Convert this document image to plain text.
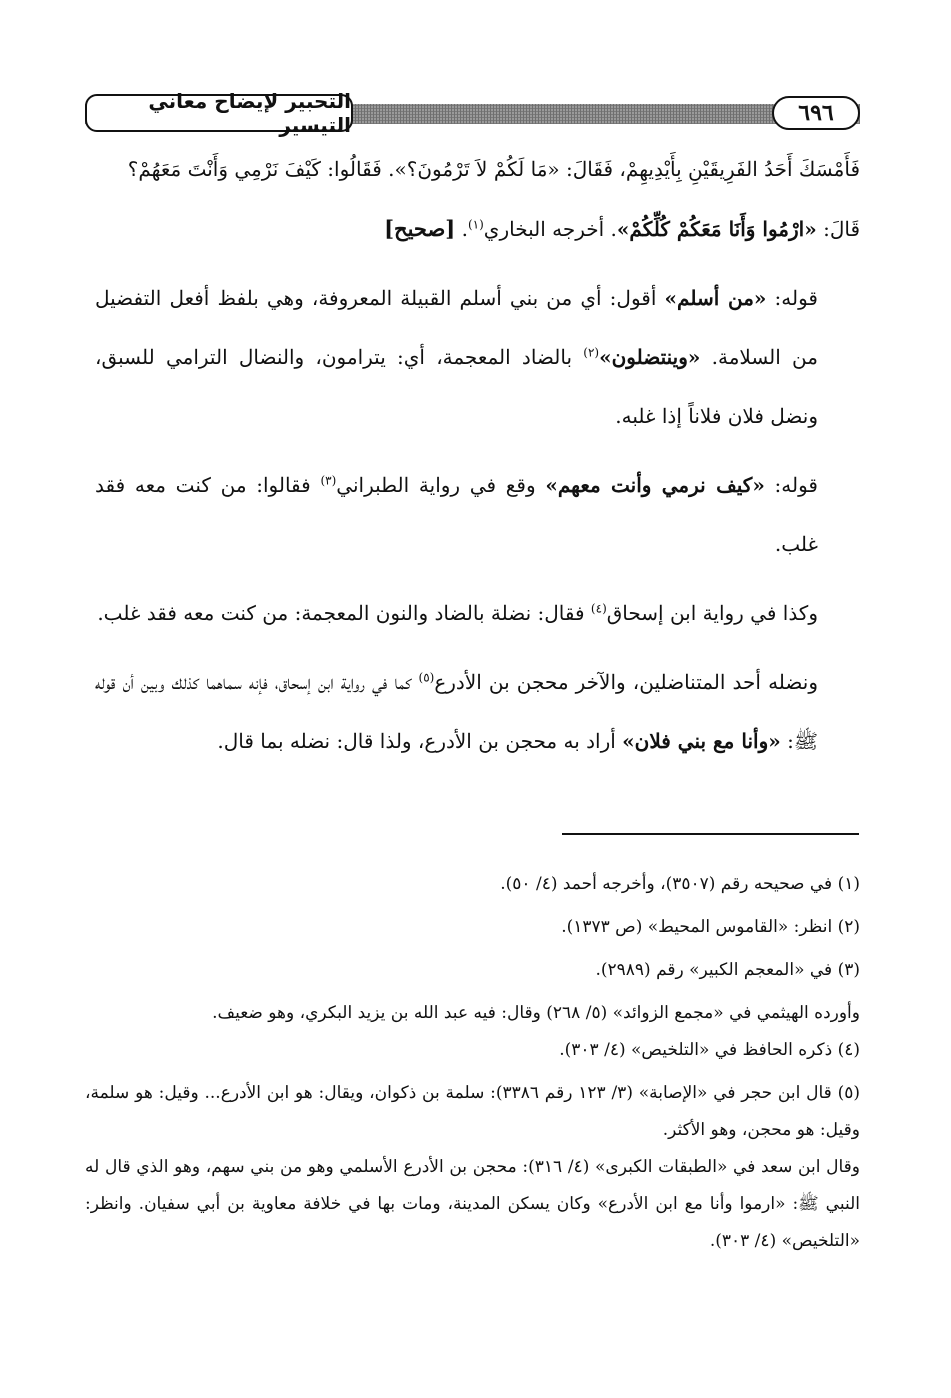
٦٩٦
التحبير لإيضاح معاني التيسير

فَأَمْسَكَ أَحَدُ الفَرِيقَيْنِ بِأَيْدِيهِمْ، فَقَالَ: «مَا لَكُمْ لاَ تَرْمُونَ؟». فَقَالُوا: كَيْفَ نَرْمِي وَأَنْتَ مَعَهُمْ؟

قَالَ: «ارْمُوا وَأَنَا مَعَكُمْ كُلِّكُمْ». أخرجه البخاري$^{(١)}$. [صحيح]

قوله: «من أسلم» أقول: أي من بني أسلم القبيلة المعروفة، وهي بلفظ أفعل التفضيل من السلامة. «وينتضلون»$^{(٢)}$ بالضاد المعجمة، أي: يترامون، والنضال الترامي للسبق، ونضل فلان فلاناً إذا غلبه.

قوله: «كيف نرمي وأنت معهم» وقع في رواية الطبراني$^{(٣)}$ فقالوا: من كنت معه فقد غلب.

وكذا في رواية ابن إسحاق$^{(٤)}$ فقال: نضلة بالضاد والنون المعجمة: من كنت معه فقد غلب.

ونضله أحد المتناضلين، والآخر محجن بن الأدرع$^{(٥)}$ كما في رواية ابن إسحاق، فإنه سماهما كذلك وبين أن قوله ﷺ: «وأنا مع بني فلان» أراد به محجن بن الأدرع، ولذا قال: نضله بما قال.

(١) في صحيحه رقم (٣٥٠٧)، وأخرجه أحمد (٤/ ٥٠).

(٢) انظر: «القاموس المحيط» (ص ١٣٧٣).

(٣) في «المعجم الكبير» رقم (٢٩٨٩).

وأورده الهيثمي في «مجمع الزوائد» (٥/ ٢٦٨) وقال: فيه عبد الله بن يزيد البكري، وهو ضعيف.

(٤) ذكره الحافظ في «التلخيص» (٤/ ٣٠٣).

(٥) قال ابن حجر في «الإصابة» (٣/ ١٢٣ رقم ٣٣٨٦): سلمة بن ذكوان، ويقال: هو ابن الأدرع... وقيل: هو سلمة، وقيل: هو محجن، وهو الأكثر.

وقال ابن سعد في «الطبقات الكبرى» (٤/ ٣١٦): محجن بن الأدرع الأسلمي وهو من بني سهم، وهو الذي قال له النبي ﷺ: «ارموا وأنا مع ابن الأدرع» وكان يسكن المدينة، ومات بها في خلافة معاوية بن أبي سفيان. وانظر: «التلخيص» (٤/ ٣٠٣).
